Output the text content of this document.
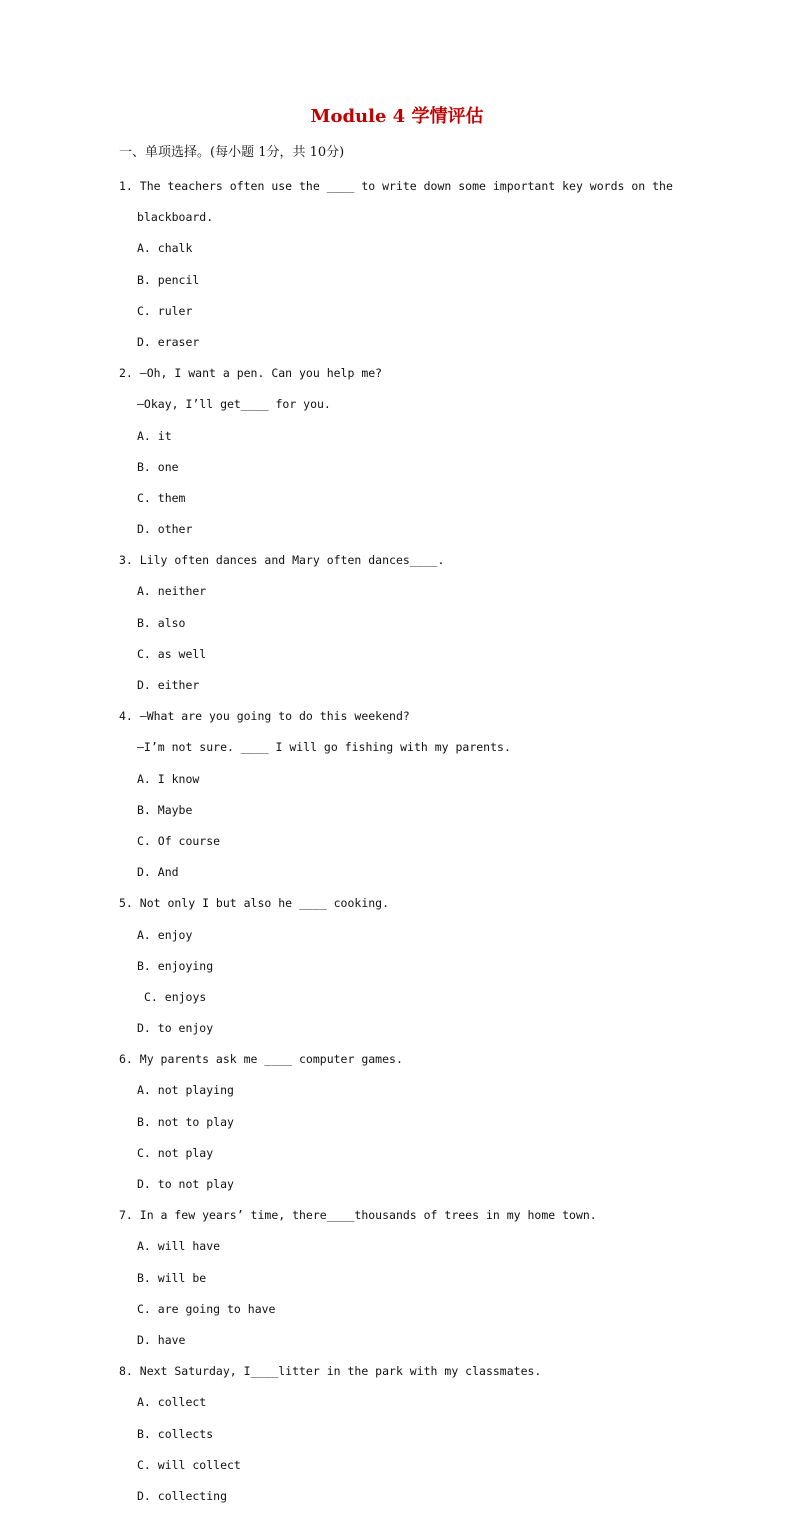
Module 4 学情评估
一、单项选择。(每小题 1分，共 10分)
1. The teachers often use the ____ to write down some important key words on the
blackboard.
A. chalk
B. pencil
C. ruler
D. eraser
2. —Oh, I want a pen. Can you help me?
—Okay, I’ll get____ for you.
A. it
B. one
C. them
D. other
3. Lily often dances and Mary often dances____.
A. neither
B. also
C. as well
D. either
4. —What are you going to do this weekend?
—I’m not sure. ____ I will go fishing with my parents.
A. I know
B. Maybe
C. Of course
D. And
5. Not only I but also he ____ cooking.
A. enjoy
B. enjoying
C. enjoys
D. to enjoy
6. My parents ask me ____ computer games.
A. not playing
B. not to play
C. not play
D. to not play
7. In a few years’ time, there____thousands of trees in my home town.
A. will have
B. will be
C. are going to have
D. have
8. Next Saturday, I____litter in the park with my classmates.
A. collect
B. collects
C. will collect
D. collecting
